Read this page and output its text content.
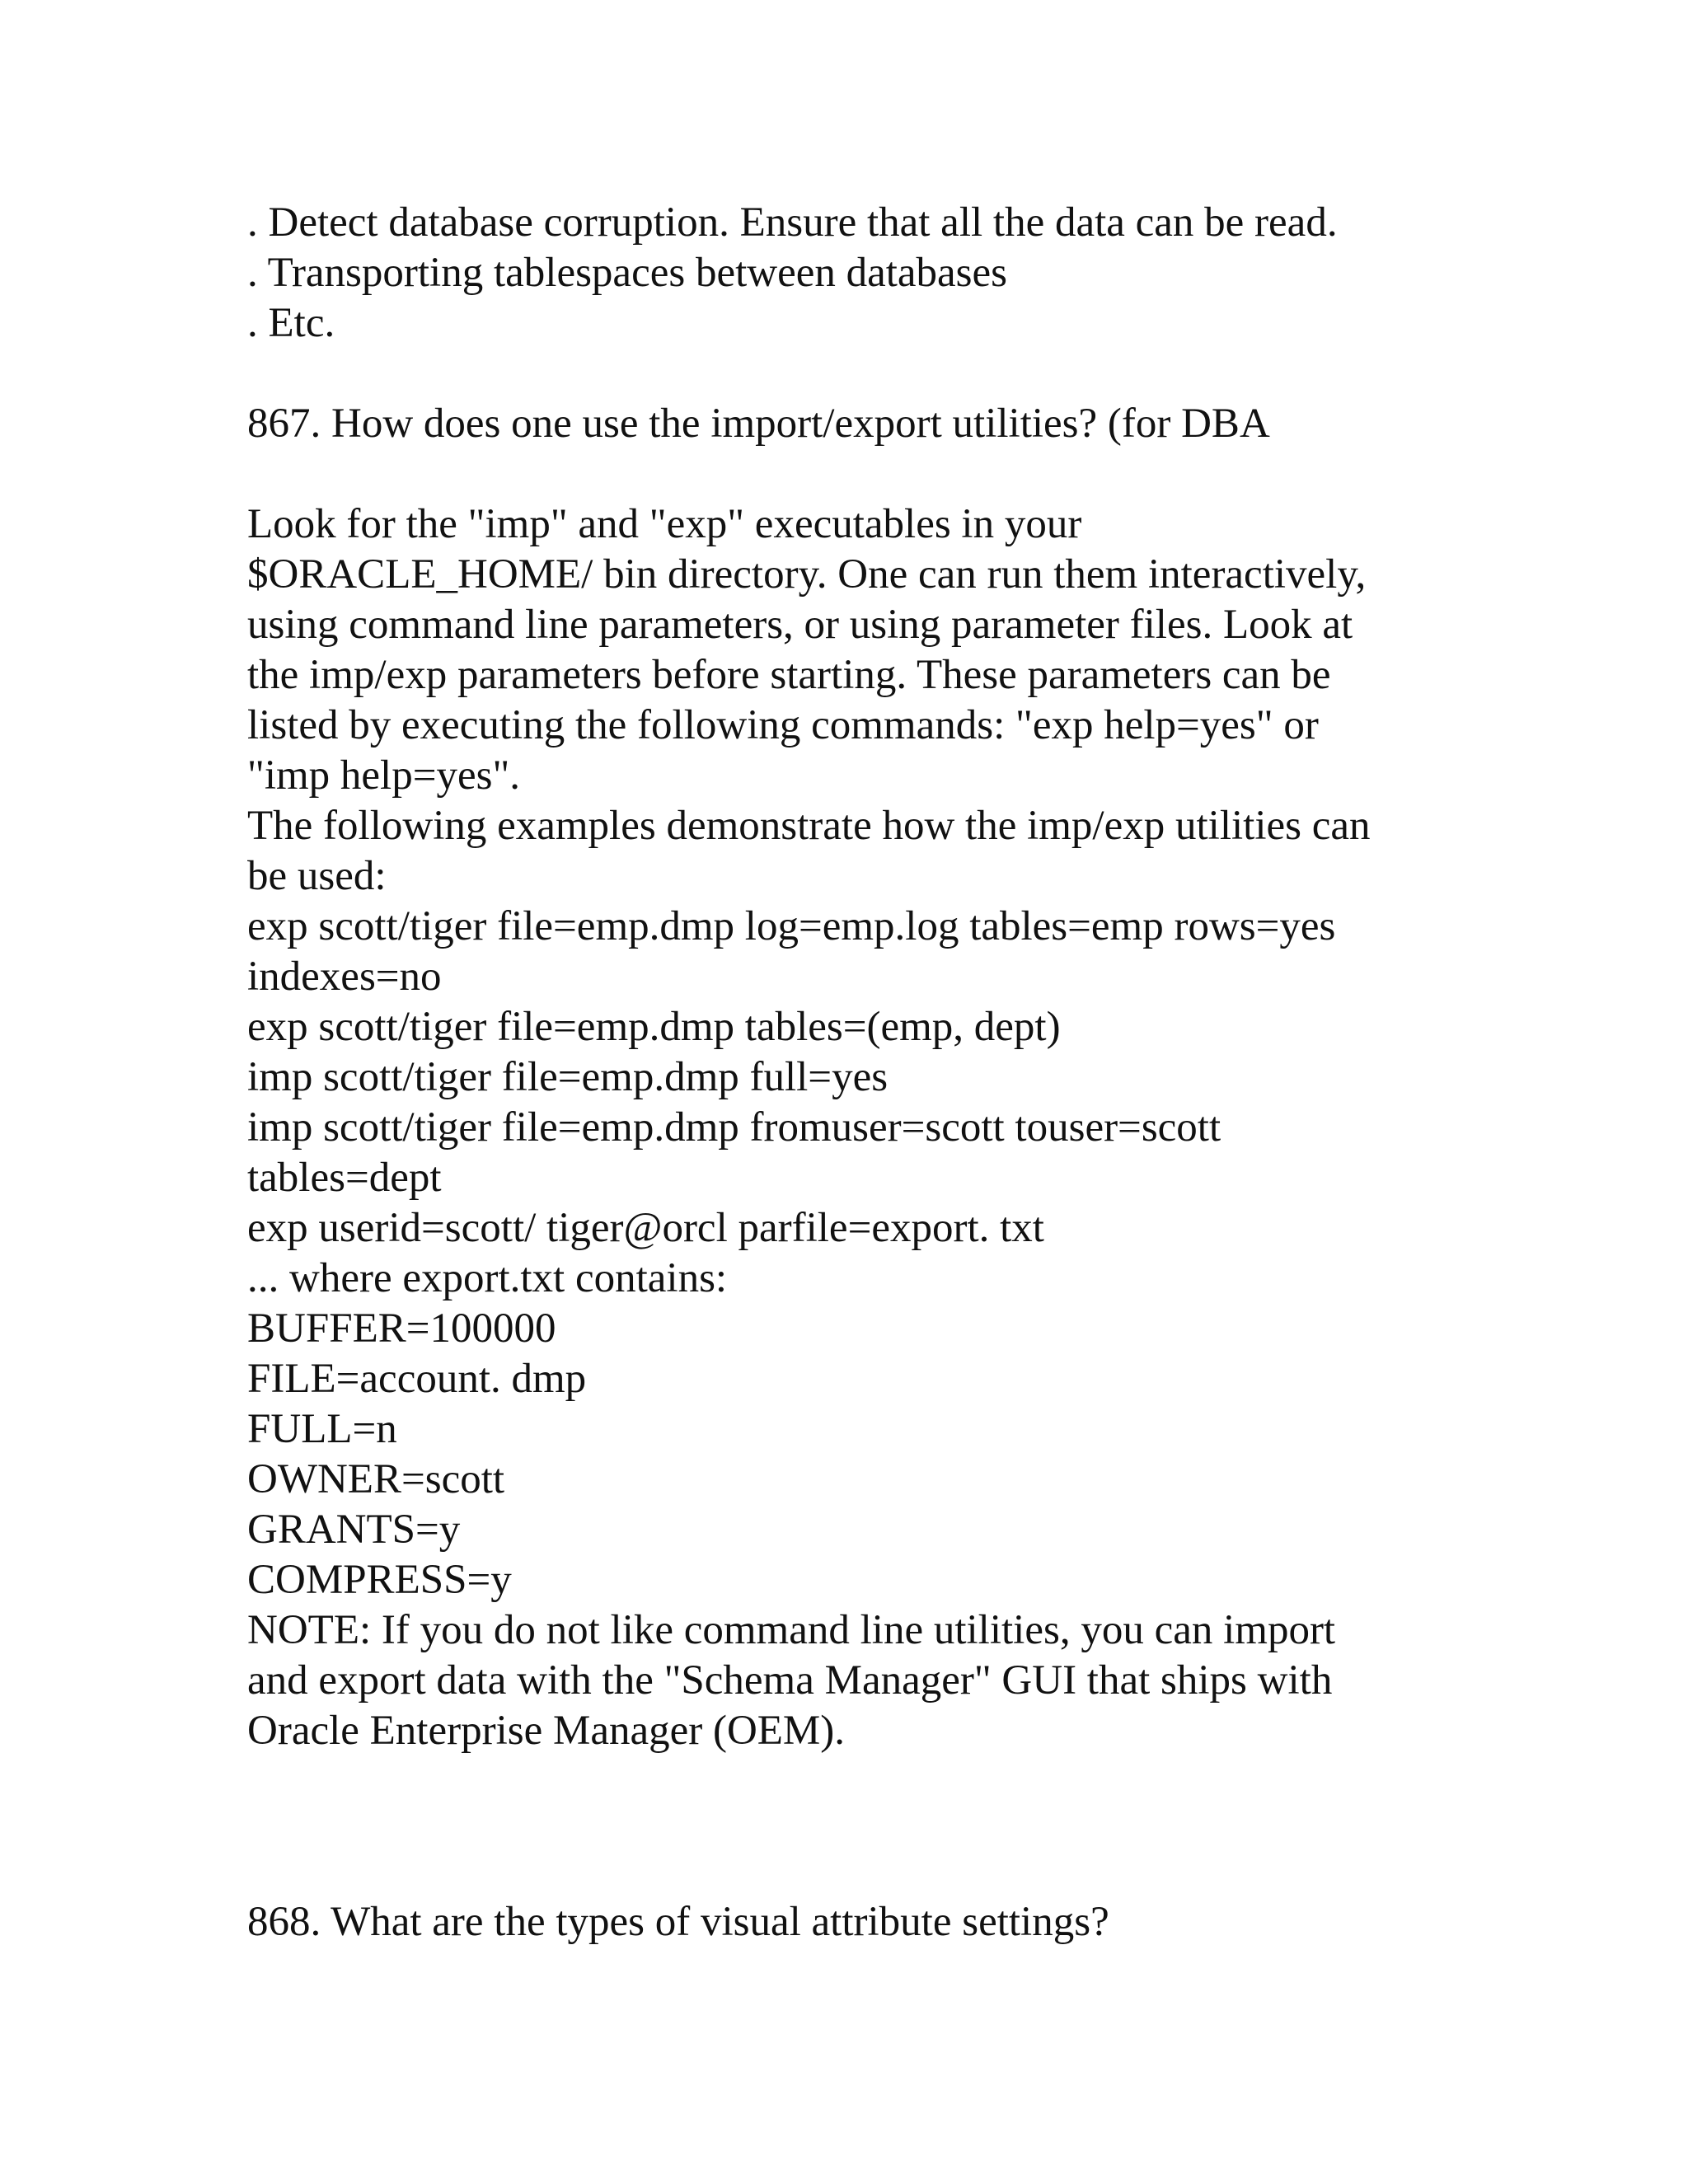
. Detect database corruption. Ensure that all the data can be read.

. Transporting tablespaces between databases

. Etc.

867. How does one use the import/export utilities? (for DBA

Look for the "imp" and "exp" executables in your

$ORACLE_HOME/ bin directory. One can run them interactively,

using command line parameters, or using parameter files. Look at

the imp/exp parameters before starting. These parameters can be

listed by executing the following commands: "exp help=yes" or

"imp help=yes".

The following examples demonstrate how the imp/exp utilities can

be used:

exp scott/tiger file=emp.dmp log=emp.log tables=emp rows=yes

indexes=no

exp scott/tiger file=emp.dmp tables=(emp, dept)

imp scott/tiger file=emp.dmp full=yes

imp scott/tiger file=emp.dmp fromuser=scott touser=scott

tables=dept

exp userid=scott/ tiger@orcl parfile=export. txt

... where export.txt contains:

BUFFER=100000

FILE=account. dmp

FULL=n

OWNER=scott

GRANTS=y

COMPRESS=y

NOTE: If you do not like command line utilities, you can import

and export data with the "Schema Manager" GUI that ships with

Oracle Enterprise Manager (OEM).

868. What are the types of visual attribute settings?
